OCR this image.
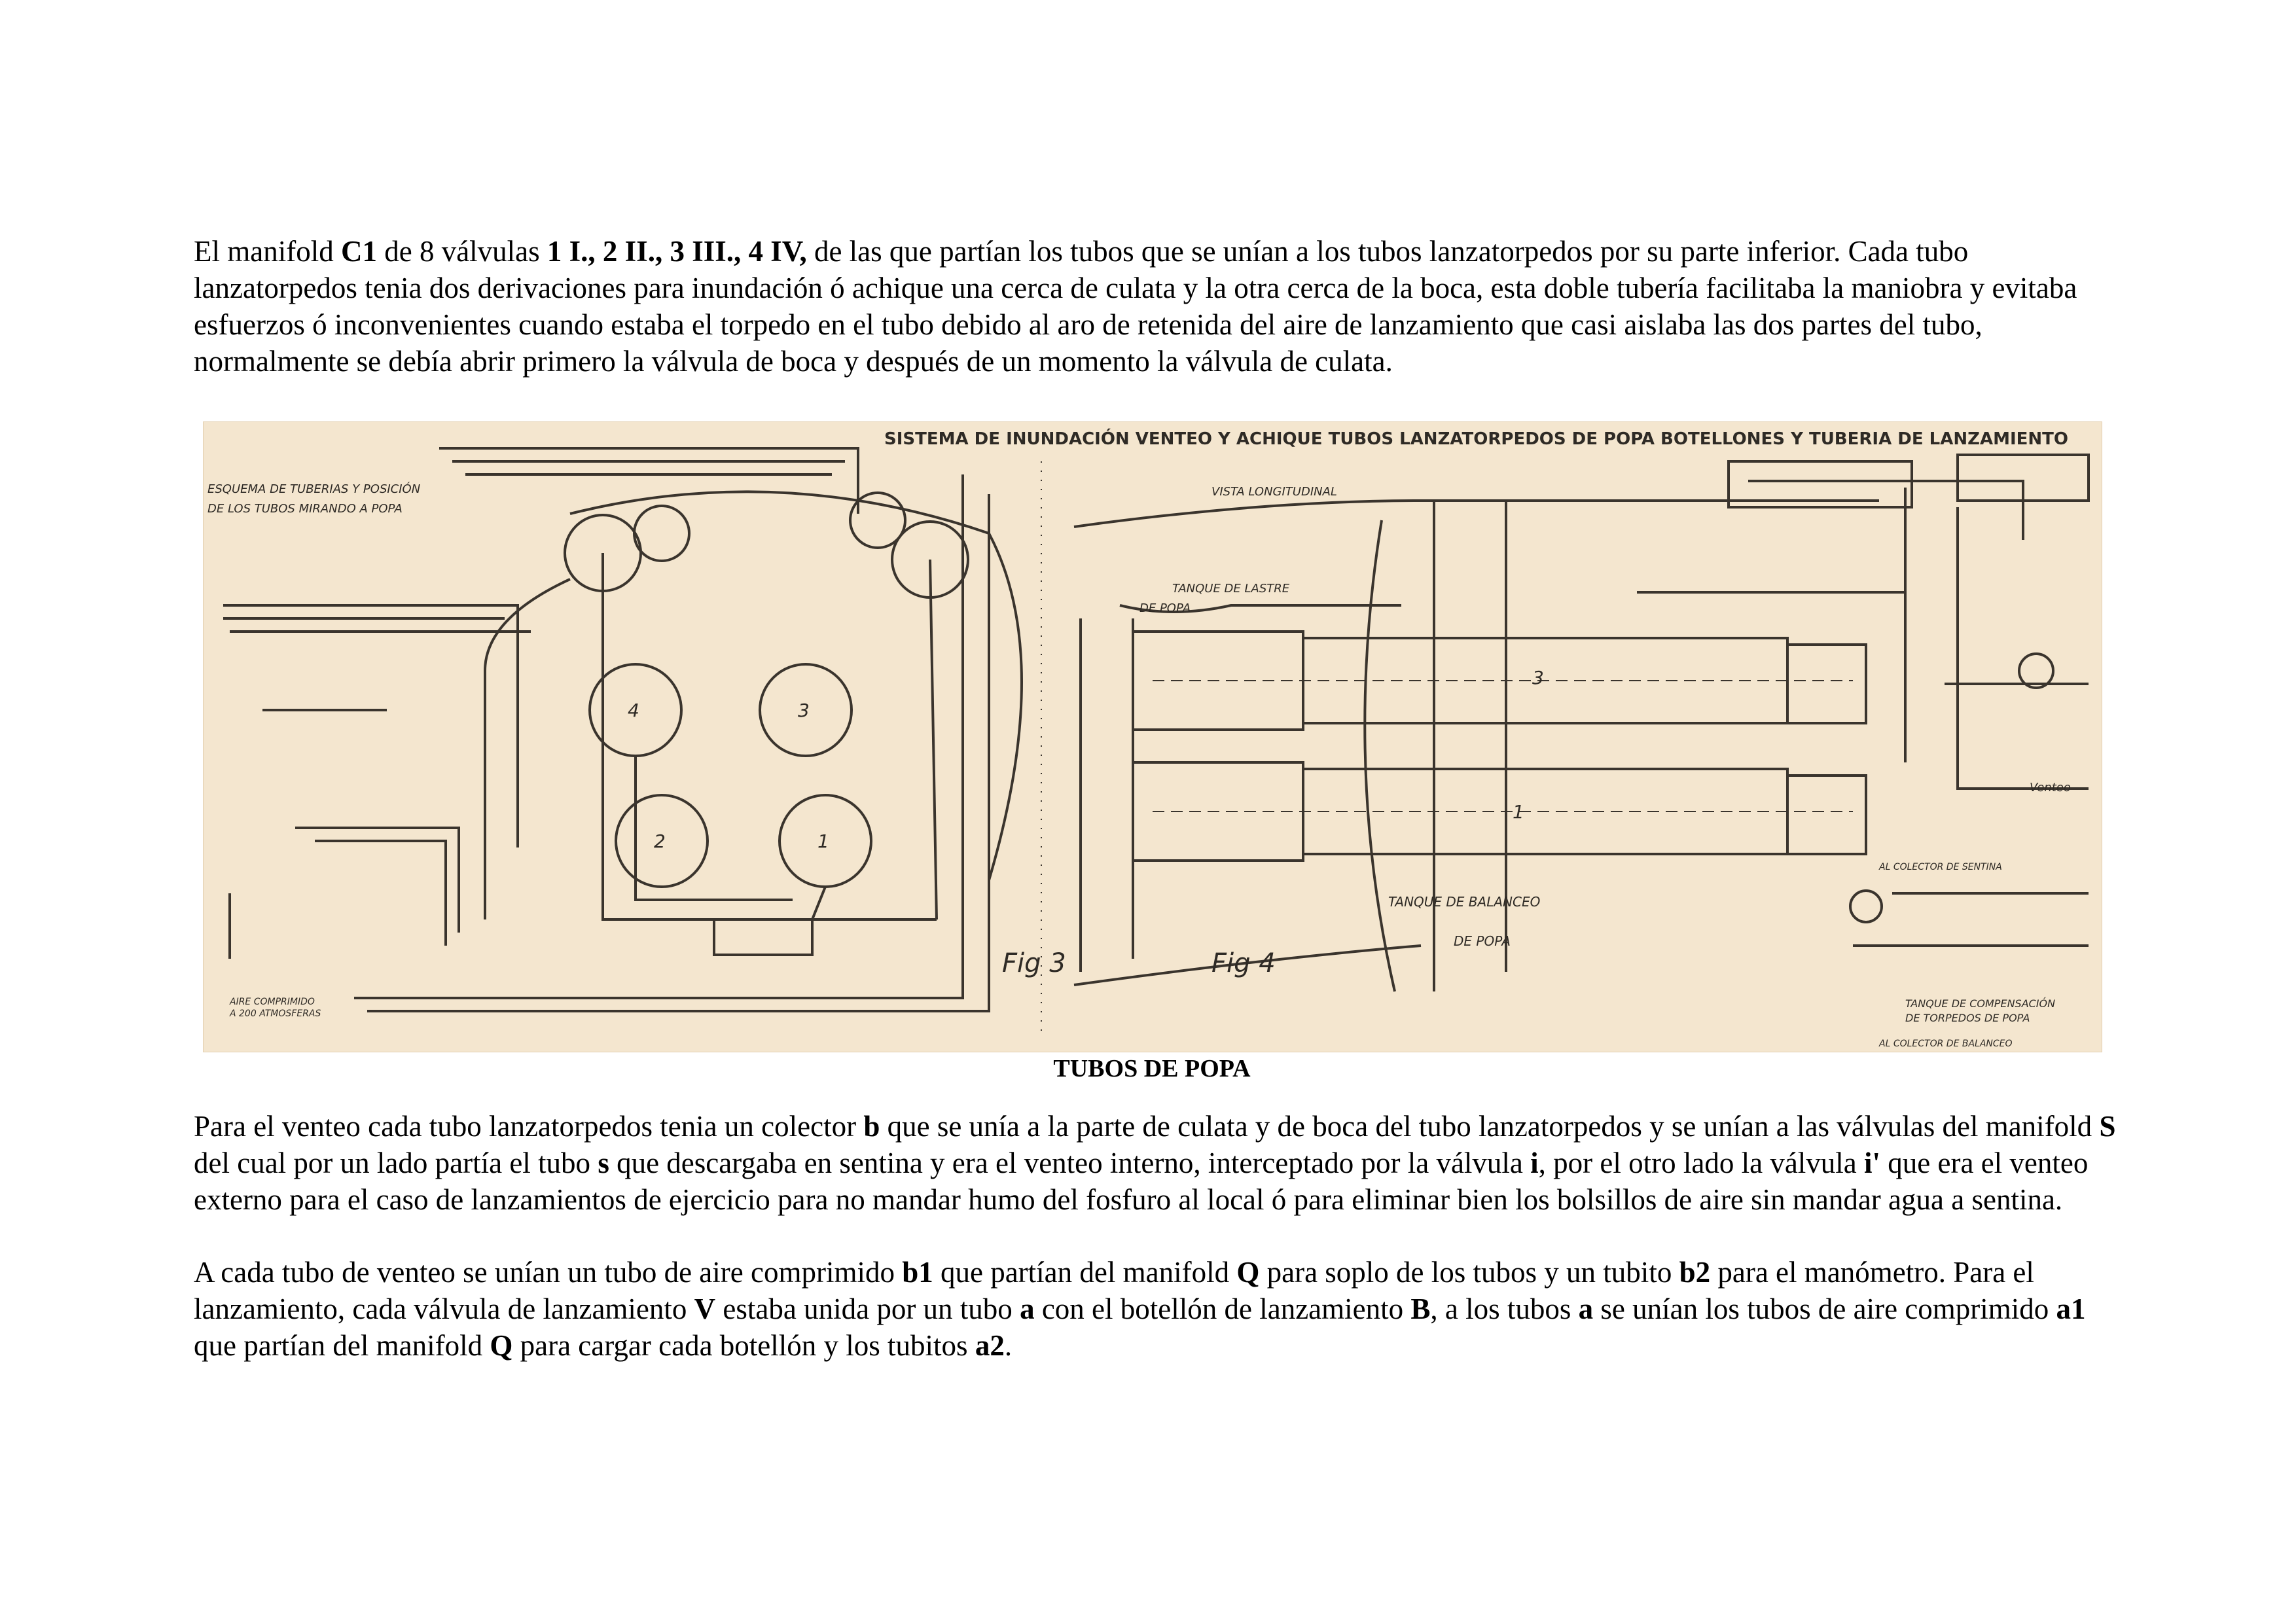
El manifold C1 de 8 válvulas 1 I., 2 II., 3 III., 4 IV, de las que partían los tubos que se unían a los tubos lanzatorpedos por su parte inferior. Cada tubo lanzatorpedos tenia dos derivaciones para inundación ó achique una cerca de culata y la otra cerca de la boca, esta doble tubería facilitaba la maniobra y evitaba esfuerzos ó inconvenientes cuando estaba el torpedo en el tubo debido al aro de retenida del aire de lanzamiento que casi aislaba las dos partes del tubo, normalmente se debía abrir primero la válvula de boca y después de un momento la válvula de culata.

SISTEMA DE INUNDACIÓN VENTEO Y ACHIQUE TUBOS LANZATORPEDOS DE POPA BOTELLONES Y TUBERIA DE LANZAMIENTO
ESQUEMA DE TUBERIAS Y POSICIÓN
DE LOS TUBOS MIRANDO A POPA
VISTA LONGITUDINAL
TANQUE DE LASTRE
DE POPA
TANQUE DE BALANCEO
DE POPA
Fig 3	Fig 4
AIRE COMPRIMIDO
A 200 ATMOSFERAS
AL COLECTOR DE SENTINA
AL COLECTOR DE BALANCEO
TANQUE DE COMPENSACIÓN
DE TORPEDOS DE POPA
Venteo
4	3
2	1
3
1
TUBOS DE POPA

Para el venteo cada tubo lanzatorpedos tenia un colector b que se unía a la parte de culata y de boca del tubo lanzatorpedos y se unían a las válvulas del manifold S del cual por un lado partía el tubo s que descargaba en sentina y era el venteo interno, interceptado por la válvula i, por el otro lado la válvula i' que era el venteo externo para el caso de lanzamientos de ejercicio para no mandar humo del fosfuro al local ó para eliminar bien los bolsillos de aire sin mandar agua a sentina.

A cada tubo de venteo se unían un tubo de aire comprimido b1 que partían del manifold Q para soplo de los tubos y un tubito b2 para el manómetro. Para el lanzamiento, cada válvula de lanzamiento V estaba unida por un tubo a con el botellón de lanzamiento B, a los tubos a se unían los tubos de aire comprimido a1 que partían del manifold Q para cargar cada botellón y los tubitos a2.
